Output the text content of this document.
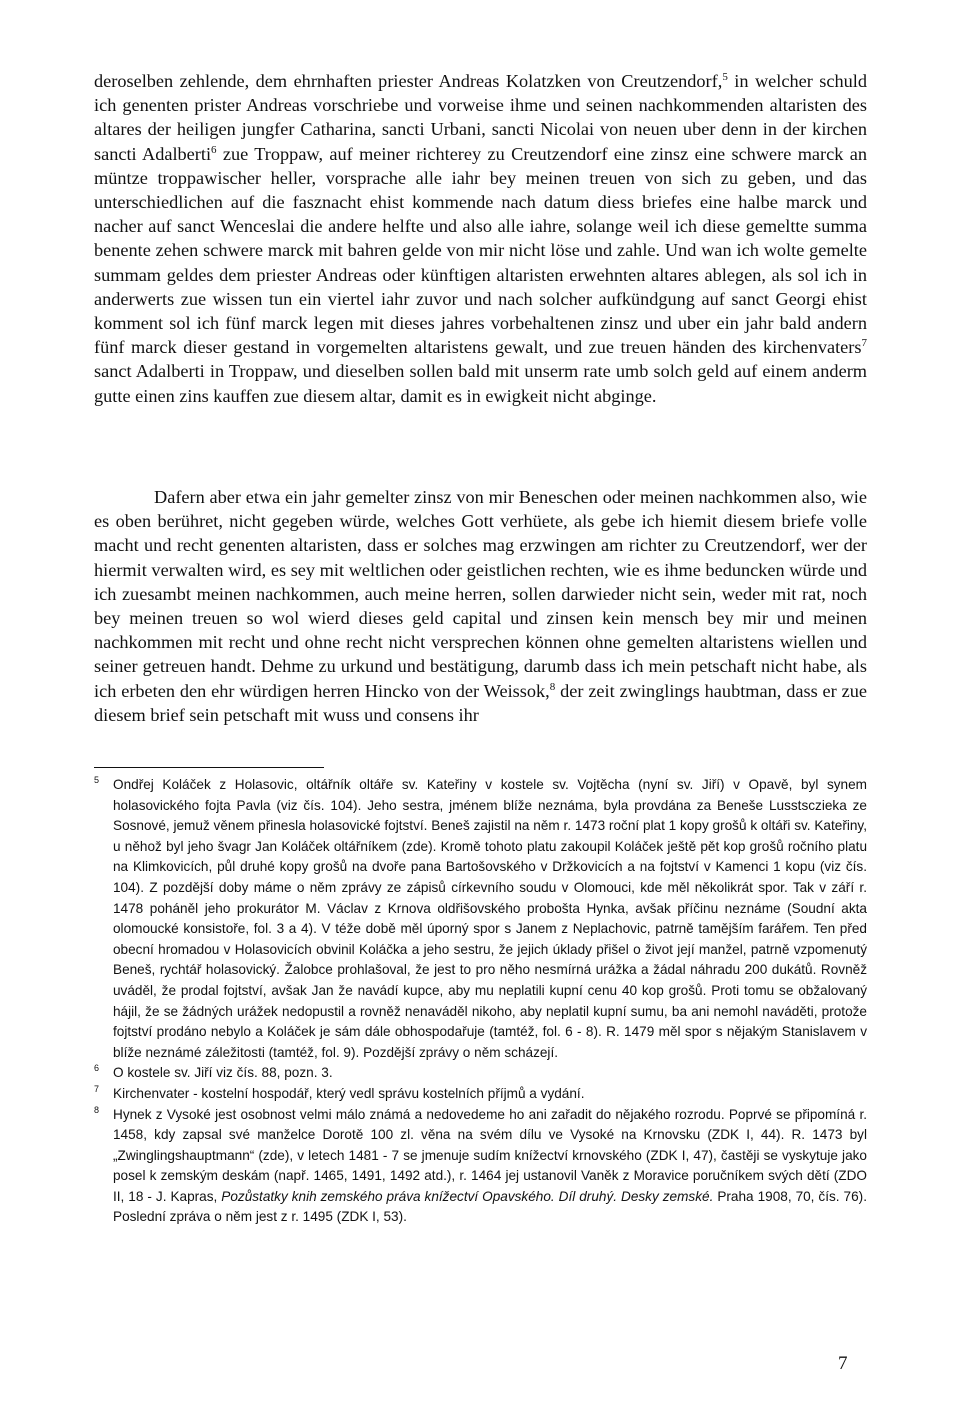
deroselben zehlende, dem ehrnhaften priester Andreas Kolatzken von Creutzendorf,$^5$ in welcher schuld ich genenten prister Andreas vorschriebe und vorweise ihme und seinen nachkommenden altaristen des altares der heiligen jungfer Catharina, sancti Urbani, sancti Nicolai von neuen uber denn in der kirchen sancti Adalberti$^6$ zue Troppaw, auf meiner richterey zu Creutzendorf eine zinsz eine schwere marck an müntze troppawischer heller, vorsprache alle iahr bey meinen treuen von sich zu geben, und das unterschiedlichen auf die fasznacht ehist kommende nach datum diess briefes eine halbe marck und nacher auf sanct Wenceslai die andere helfte und also alle iahre, solange weil ich diese gemeltte summa benente zehen schwere marck mit bahren gelde von mir nicht löse und zahle. Und wan ich wolte gemelte summam geldes dem priester Andreas oder künftigen altaristen erwehnten altares ablegen, als sol ich in anderwerts zue wissen tun ein viertel iahr zuvor und nach solcher aufkündgung auf sanct Georgi ehist komment sol ich fünf marck legen mit dieses jahres vorbehaltenen zinsz und uber ein jahr bald andern fünf marck dieser gestand in vorgemelten altaristens gewalt, und zue treuen händen des kirchenvaters$^7$ sanct Adalberti in Troppaw, und dieselben sollen bald mit unserm rate umb solch geld auf einem anderm gutte einen zins kauffen zue diesem altar, damit es in ewigkeit nicht abginge.

Dafern aber etwa ein jahr gemelter zinsz von mir Beneschen oder meinen nachkommen also, wie es oben berühret, nicht gegeben würde, welches Gott verhüete, als gebe ich hiemit diesem briefe volle macht und recht genenten altaristen, dass er solches mag erzwingen am richter zu Creutzendorf, wer der hiermit verwalten wird, es sey mit weltlichen oder geistlichen rechten, wie es ihme beduncken würde und ich zuesambt meinen nachkommen, auch meine herren, sollen darwieder nicht sein, weder mit rat, noch bey meinen treuen so wol wierd dieses geld capital und zinsen kein mensch bey mir und meinen nachkommen mit recht und ohne recht nicht versprechen können ohne gemelten altaristens wiellen und seiner getreuen handt. Dehme zu urkund und bestätigung, darumb dass ich mein petschaft nicht habe, als ich erbeten den ehr würdigen herren Hincko von der Weissok,$^8$ der zeit zwinglings haubtman, dass er zue diesem brief sein petschaft mit wuss und consens ihr

5 Ondřej Koláček z Holasovic, oltářník oltáře sv. Kateřiny v kostele sv. Vojtěcha (nyní sv. Jiří) v Opavě, byl synem holasovického fojta Pavla (viz čís. 104). Jeho sestra, jménem blíže neznáma, byla provdána za Beneše Lusstsczieka ze Sosnové, jemuž věnem přinesla holasovické fojtství. Beneš zajistil na něm r. 1473 roční plat 1 kopy grošů k oltáři sv. Kateřiny, u něhož byl jeho švagr Jan Koláček oltářníkem (zde). Kromě tohoto platu zakoupil Koláček ještě pět kop grošů ročního platu na Klimkovicích, půl druhé kopy grošů na dvoře pana Bartošovského v Držkovicích a na fojtství v Kamenci 1 kopu (viz čís. 104). Z pozdější doby máme o něm zprávy ze zápisů církevního soudu v Olomouci, kde měl několikrát spor. Tak v září r. 1478 poháněl jeho prokurátor M. Václav z Krnova oldřišovského proboštа Hynka, avšak příčinu neznáme (Soudní akta olomoucké konsistoře, fol. 3 a 4). V téže době měl úporný spor s Janem z Neplachovic, patrně tamějším farářem. Ten před obecní hromadou v Holasovicích obvinil Koláčka a jeho sestru, že jejich úklady přišel o život její manžel, patrně vzpomenutý Beneš, rychtář holasovický. Žalobce prohlašoval, že jest to pro něho nesmírná urážka a žádal náhradu 200 dukátů. Rovněž uváděl, že prodal fojtství, avšak Jan že navádí kupce, aby mu neplatili kupní cenu 40 kop grošů. Proti tomu se obžalovaný hájil, že se žádných urážek nedopustil a rovněž nenaváděl nikoho, aby neplatil kupní sumu, ba ani nemohl naváděti, protože fojtství prodáno nebylo a Koláček je sám dále obhospodařuje (tamtéž, fol. 6 - 8). R. 1479 měl spor s nějakým Stanislavem v blíže neznámé záležitosti (tamtéž, fol. 9). Pozdější zprávy o něm scházejí.
6 O kostele sv. Jiří viz čís. 88, pozn. 3.
7 Kirchenvater - kostelní hospodář, který vedl správu kostelních příjmů a vydání.
8 Hynek z Vysoké jest osobnost velmi málo známá a nedovedeme ho ani zařadit do nějakého rozrodu. Poprvé se připomíná r. 1458, kdy zapsal své manželce Dorotě 100 zl. věna na svém dílu ve Vysoké na Krnovsku (ZDK I, 44). R. 1473 byl „Zwinglingshauptmann“ (zde), v letech 1481 - 7 se jmenuje sudím knížectví krnovského (ZDK I, 47), častěji se vyskytuje jako posel k zemským deskám (např. 1465, 1491, 1492 atd.), r. 1464 jej ustanovil Vaněk z Moravice poručníkem svých dětí (ZDO II, 18 - J. Kapras, Pozůstatky knih zemského práva knížectví Opavského. Díl druhý. Desky zemské. Praha 1908, 70, čís. 76). Poslední zpráva o něm jest z r. 1495 (ZDK I, 53).
7
